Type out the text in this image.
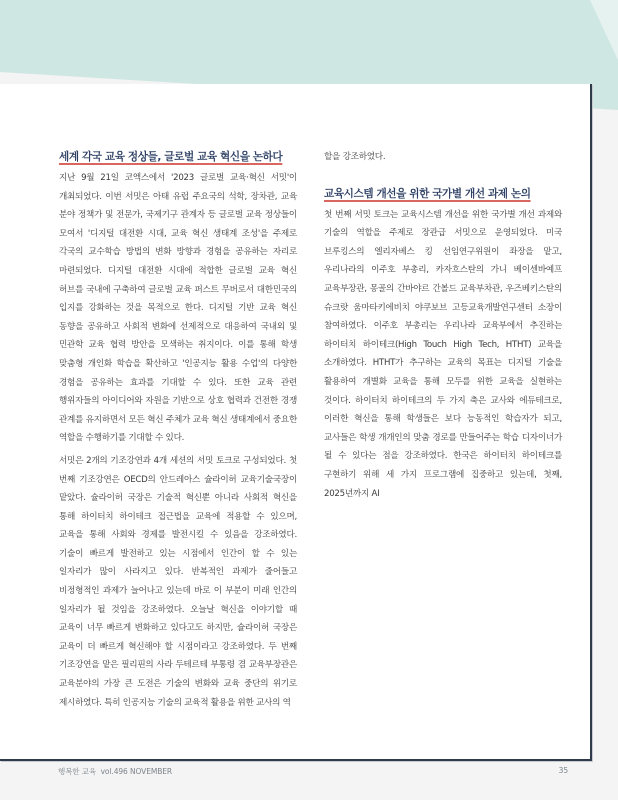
세계 각국 교육 정상들, 글로벌 교육 혁신을 논하다

지난 9월 21일 코엑스에서 '2023 글로벌 교육·혁신 서밋'이 개최되었다. 이번 서밋은 아태 유럽 주요국의 석학, 장차관, 교육 분야 정책가 및 전문가, 국제기구 관계자 등 글로벌 교육 정상들이 모여서 '디지털 대전환 시대, 교육 혁신 생태계 조성'을 주제로 각국의 교수학습 방법의 변화 방향과 경험을 공유하는 자리로 마련되었다. 디지털 대전환 시대에 적합한 글로벌 교육 혁신 허브를 국내에 구축하여 글로벌 교육 퍼스트 무버로서 대한민국의 입지를 강화하는 것을 목적으로 한다. 디지털 기반 교육 혁신 동향을 공유하고 사회적 변화에 선제적으로 대응하여 국내외 및 민관학 교육 협력 방안을 모색하는 취지이다. 이를 통해 학생 맞춤형 개인화 학습을 확산하고 '인공지능 활용 수업'의 다양한 경험을 공유하는 효과를 기대할 수 있다. 또한 교육 관련 행위자들의 아이디어와 자원을 기반으로 상호 협력과 건전한 경쟁 관계를 유지하면서 모든 혁신 주체가 교육 혁신 생태계에서 중요한 역할을 수행하기를 기대할 수 있다.

서밋은 2개의 기조강연과 4개 세션의 서밋 토크로 구성되었다. 첫 번째 기조강연은 OECD의 안드레아스 슐라이허 교육기술국장이 맡았다. 슐라이허 국장은 기술적 혁신뿐 아니라 사회적 혁신을 통해 하이터치 하이테크 접근법을 교육에 적용할 수 있으며, 교육을 통해 사회와 경제를 발전시킬 수 있음을 강조하였다. 기술이 빠르게 발전하고 있는 시점에서 인간이 할 수 있는 일자리가 많이 사라지고 있다. 반복적인 과제가 줄어들고 비정형적인 과제가 늘어나고 있는데 바로 이 부분이 미래 인간의 일자리가 될 것임을 강조하였다. 오늘날 혁신을 이야기할 때 교육이 너무 빠르게 변화하고 있다고도 하지만, 슐라이허 국장은 교육이 더 빠르게 혁신해야 할 시점이라고 강조하였다. 두 번째 기조강연을 맡은 필리핀의 사라 두테르테 부통령 겸 교육부장관은 교육분야의 가장 큰 도전은 기술의 변화와 교육 중단의 위기로 제시하였다. 특히 인공지능 기술의 교육적 활용을 위한 교사의 역

할을 강조하였다.

교육시스템 개선을 위한 국가별 개선 과제 논의

첫 번째 서밋 토크는 교육시스템 개선을 위한 국가별 개선 과제와 기술의 역할을 주제로 장관급 서밋으로 운영되었다. 미국 브루킹스의 엘리자베스 킹 선임연구위원이 좌장을 맡고, 우리나라의 이주호 부총리, 카자흐스탄의 가니 베이센바예프 교육부장관, 몽골의 간바야르 간볼드 교육부차관, 우즈베키스탄의 슈크랏 움마타키에비치 야쿠보브 고등교육개발연구센터 소장이 참여하였다. 이주호 부총리는 우리나라 교육부에서 추진하는 하이터치 하이테크(High Touch High Tech, HTHT) 교육을 소개하였다. HTHT가 추구하는 교육의 목표는 디지털 기술을 활용하여 개별화 교육을 통해 모두를 위한 교육을 실현하는 것이다. 하이터치 하이테크의 두 가지 축은 교사와 에듀테크로, 이러한 혁신을 통해 학생들은 보다 능동적인 학습자가 되고, 교사들은 학생 개개인의 맞춤 경로를 만들어주는 학습 디자이너가 될 수 있다는 점을 강조하였다. 한국은 하이터치 하이테크를 구현하기 위해 세 가지 프로그램에 집중하고 있는데, 첫째, 2025년까지 AI

행복한 교육 vol.496 NOVEMBER	35
